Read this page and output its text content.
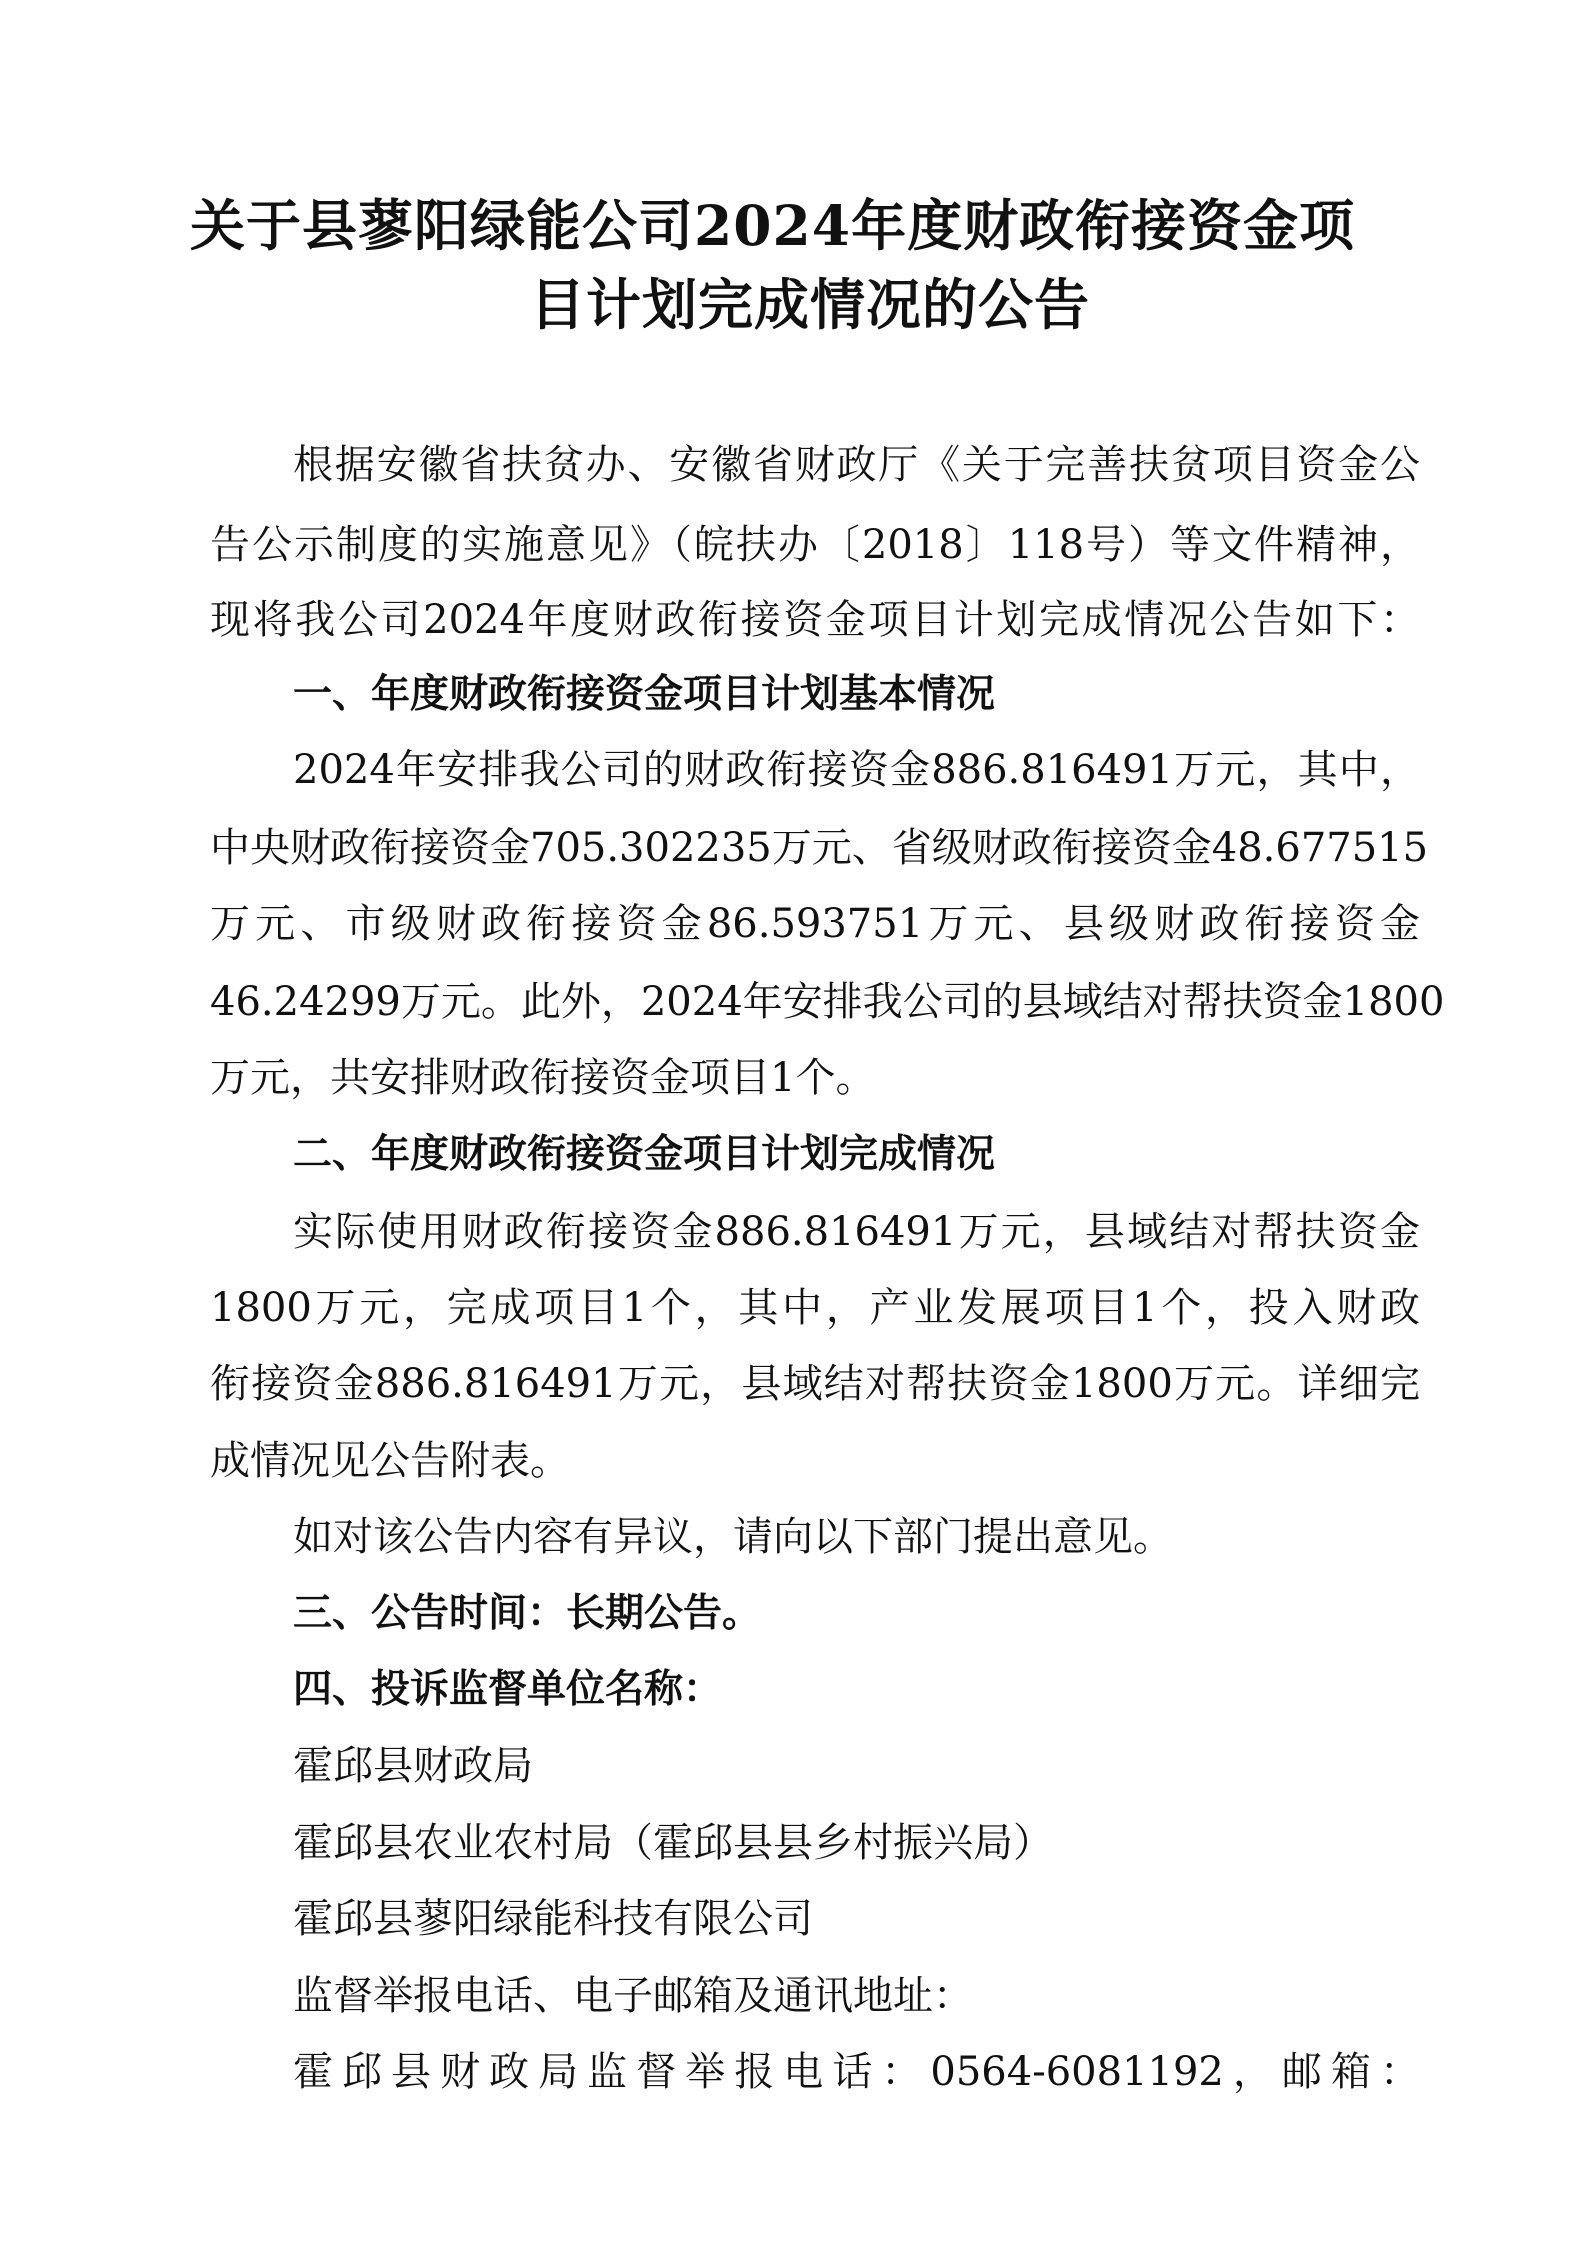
关于县蓼阳绿能公司2024年度财政衔接资金项
目计划完成情况的公告

根据安徽省扶贫办、安徽省财政厅《关于完善扶贫项目资金公

告公示制度的实施意见》（皖扶办〔2018〕118号）等文件精神，

现将我公司2024年度财政衔接资金项目计划完成情况公告如下：

一、年度财政衔接资金项目计划基本情况

2024年安排我公司的财政衔接资金886.816491万元，其中，

中央财政衔接资金705.302235万元、省级财政衔接资金48.677515

万元、市级财政衔接资金86.593751万元、县级财政衔接资金

46.24299万元。此外，2024年安排我公司的县域结对帮扶资金1800

万元，共安排财政衔接资金项目1个。

二、年度财政衔接资金项目计划完成情况

实际使用财政衔接资金886.816491万元，县域结对帮扶资金

1800万元，完成项目1个，其中，产业发展项目1个，投入财政

衔接资金886.816491万元，县域结对帮扶资金1800万元。详细完

成情况见公告附表。

如对该公告内容有异议，请向以下部门提出意见。

三、公告时间：长期公告。

四、投诉监督单位名称：

霍邱县财政局

霍邱县农业农村局（霍邱县县乡村振兴局）

霍邱县蓼阳绿能科技有限公司

监督举报电话、电子邮箱及通讯地址：

霍邱县财政局监督举报电话：0564-6081192，邮箱：
